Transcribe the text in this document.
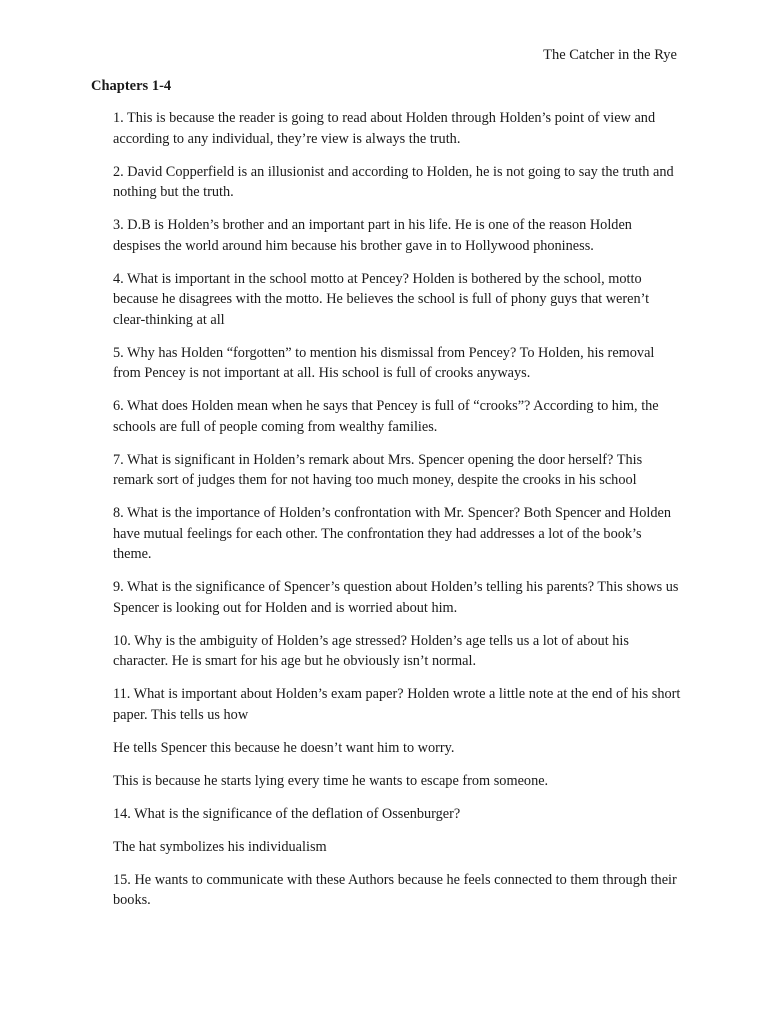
The Catcher in the Rye
Chapters 1-4

1. This is because the reader is going to read about Holden through Holden’s point of view and according to any individual, they’re view is always the truth.

2. David Copperfield is an illusionist and according to Holden, he is not going to say the truth and nothing but the truth.

3. D.B is Holden’s brother and an important part in his life. He is one of the reason Holden despises the world around him because his brother gave in to Hollywood phoniness.

4. What is important in the school motto at Pencey? Holden is bothered by the school, motto because he disagrees with the motto. He believes the school is full of phony guys that weren’t clear-thinking at all

5. Why has Holden “forgotten” to mention his dismissal from Pencey? To Holden, his removal from Pencey is not important at all. His school is full of crooks anyways.

6. What does Holden mean when he says that Pencey is full of “crooks”? According to him, the schools are full of people coming from wealthy families.

7. What is significant in Holden’s remark about Mrs. Spencer opening the door herself? This remark sort of judges them for not having too much money, despite the crooks in his school

8. What is the importance of Holden’s confrontation with Mr. Spencer? Both Spencer and Holden have mutual feelings for each other. The confrontation they had addresses a lot of the book’s theme.

9. What is the significance of Spencer’s question about Holden’s telling his parents? This shows us Spencer is looking out for Holden and is worried about him.

10. Why is the ambiguity of Holden’s age stressed? Holden’s age tells us a lot of about his character. He is smart for his age but he obviously isn’t normal.

11. What is important about Holden’s exam paper? Holden wrote a little note at the end of his short paper. This tells us how

He tells Spencer this because he doesn’t want him to worry.

This is because he starts lying every time he wants to escape from someone.

14. What is the significance of the deflation of Ossenburger?

The hat symbolizes his individualism

15. He wants to communicate with these Authors because he feels connected to them through their books.
